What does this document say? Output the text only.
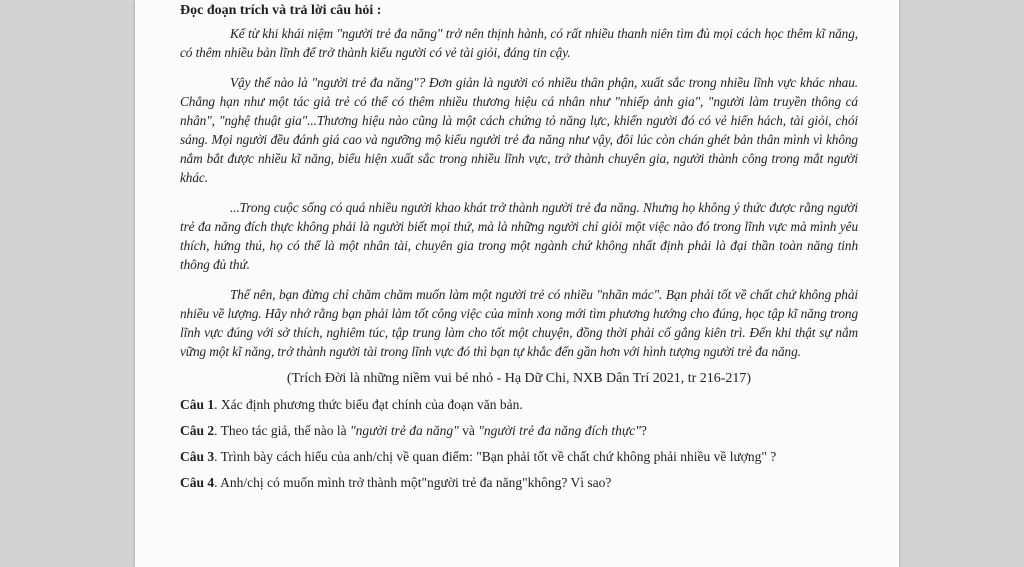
Đọc đoạn trích và trả lời câu hỏi :

Kể từ khi khái niệm "người trẻ đa năng" trở nên thịnh hành, có rất nhiều thanh niên tìm đủ mọi cách học thêm kĩ năng, có thêm nhiều bản lĩnh để trở thành kiểu người có vẻ tài giỏi, đáng tin cậy.

Vậy thế nào là "người trẻ đa năng"? Đơn giản là người có nhiều thân phận, xuất sắc trong nhiều lĩnh vực khác nhau. Chẳng hạn như một tác giả trẻ có thể có thêm nhiều thương hiệu cá nhân như "nhiếp ảnh gia", "người làm truyền thông cá nhân", "nghệ thuật gia"...Thương hiệu nào cũng là một cách chứng tỏ năng lực, khiến người đó có vẻ hiển hách, tài giỏi, chói sáng. Mọi người đều đánh giá cao và ngưỡng mộ kiểu người trẻ đa năng như vậy, đôi lúc còn chán ghét bản thân mình vì không nắm bắt được nhiều kĩ năng, biểu hiện xuất sắc trong nhiều lĩnh vực, trở thành chuyên gia, người thành công trong mắt người khác.

...Trong cuộc sống có quá nhiều người khao khát trở thành người trẻ đa năng. Nhưng họ không ý thức được rằng người trẻ đa năng đích thực không phải là người biết mọi thứ, mà là những người chỉ giỏi một việc nào đó trong lĩnh vực mà mình yêu thích, hứng thú, họ có thể là một nhân tài, chuyên gia trong một ngành chứ không nhất định phải là đại thần toàn năng tinh thông đủ thứ.

Thế nên, bạn đừng chỉ chăm chăm muốn làm một người trẻ có nhiều "nhãn mác". Bạn phải tốt về chất chứ không phải nhiều về lượng. Hãy nhớ rằng bạn phải làm tốt công việc của mình xong mới tìm phương hướng cho đúng, học tập kĩ năng trong lĩnh vực đúng với sở thích, nghiêm túc, tập trung làm cho tốt một chuyện, đồng thời phải cố gắng kiên trì. Đến khi thật sự nắm vững một kĩ năng, trở thành người tài trong lĩnh vực đó thì bạn tự khắc đến gần hơn với hình tượng người trẻ đa năng.

(Trích Đời là những niềm vui bé nhỏ - Hạ Dữ Chi, NXB Dân Trí 2021, tr 216-217)

Câu 1. Xác định phương thức biểu đạt chính của đoạn văn bản.

Câu 2. Theo tác giả, thế nào là "người trẻ đa năng" và "người trẻ đa năng đích thực"?

Câu 3. Trình bày cách hiểu của anh/chị về quan điểm: "Bạn phải tốt về chất chứ không phải nhiều về lượng" ?

Câu 4. Anh/chị có muốn mình trở thành một"người trẻ đa năng"không? Vì sao?
